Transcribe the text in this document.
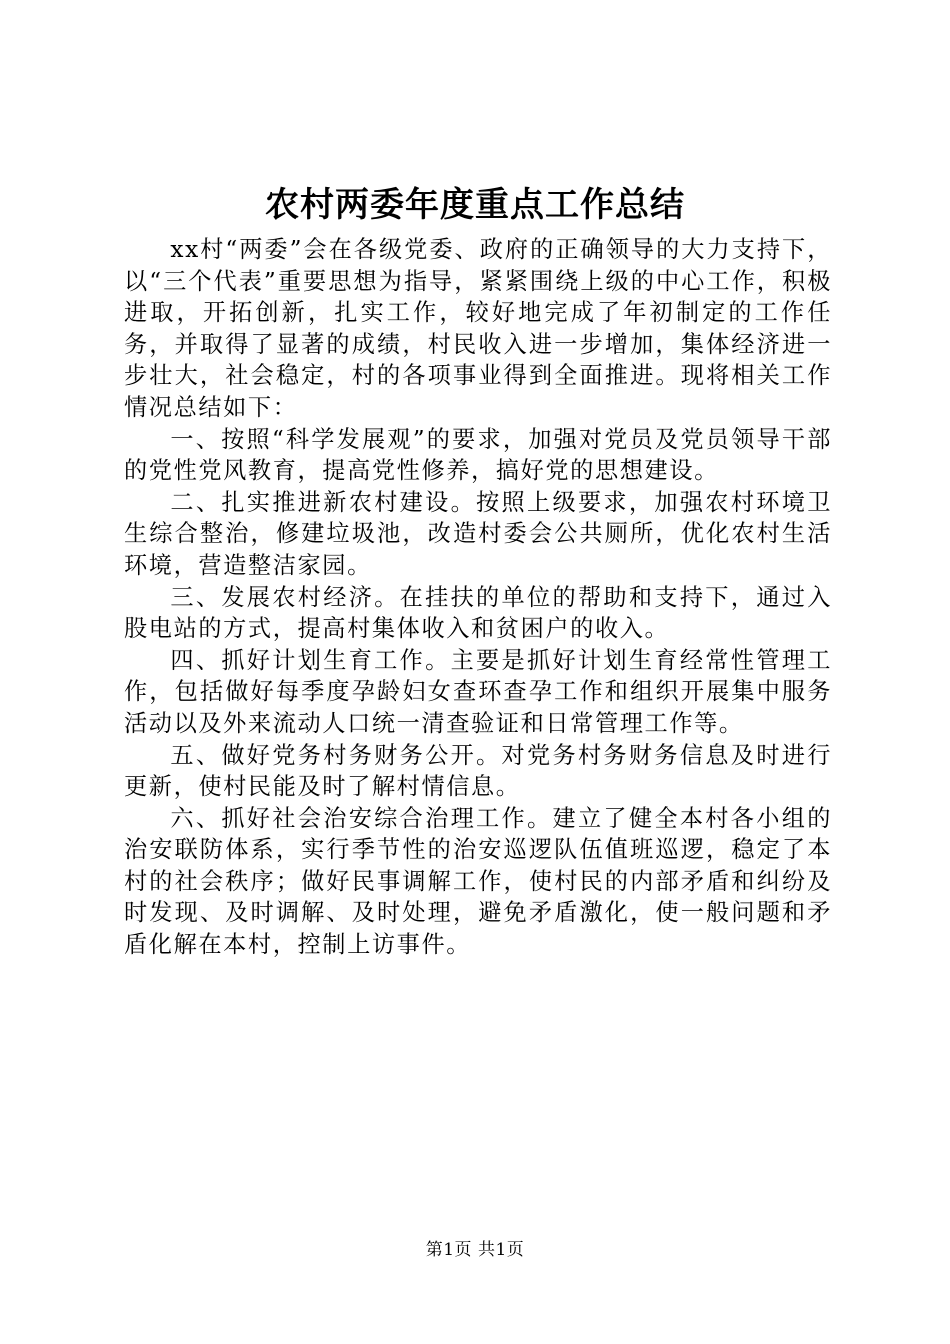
农村两委年度重点工作总结

xx村“两委”会在各级党委、政府的正确领导的大力支持下，以“三个代表”重要思想为指导，紧紧围绕上级的中心工作，积极进取，开拓创新，扎实工作，较好地完成了年初制定的工作任务，并取得了显著的成绩，村民收入进一步增加，集体经济进一步壮大，社会稳定，村的各项事业得到全面推进。现将相关工作情况总结如下：

一、按照“科学发展观”的要求，加强对党员及党员领导干部的党性党风教育，提高党性修养，搞好党的思想建设。

二、扎实推进新农村建设。按照上级要求，加强农村环境卫生综合整治，修建垃圾池，改造村委会公共厕所，优化农村生活环境，营造整洁家园。

三、发展农村经济。在挂扶的单位的帮助和支持下，通过入股电站的方式，提高村集体收入和贫困户的收入。

四、抓好计划生育工作。主要是抓好计划生育经常性管理工作，包括做好每季度孕龄妇女查环查孕工作和组织开展集中服务活动以及外来流动人口统一清查验证和日常管理工作等。

五、做好党务村务财务公开。对党务村务财务信息及时进行更新，使村民能及时了解村情信息。

六、抓好社会治安综合治理工作。建立了健全本村各小组的治安联防体系，实行季节性的治安巡逻队伍值班巡逻，稳定了本村的社会秩序；做好民事调解工作，使村民的内部矛盾和纠纷及时发现、及时调解、及时处理，避免矛盾激化，使一般问题和矛盾化解在本村，控制上访事件。

第1页 共1页
